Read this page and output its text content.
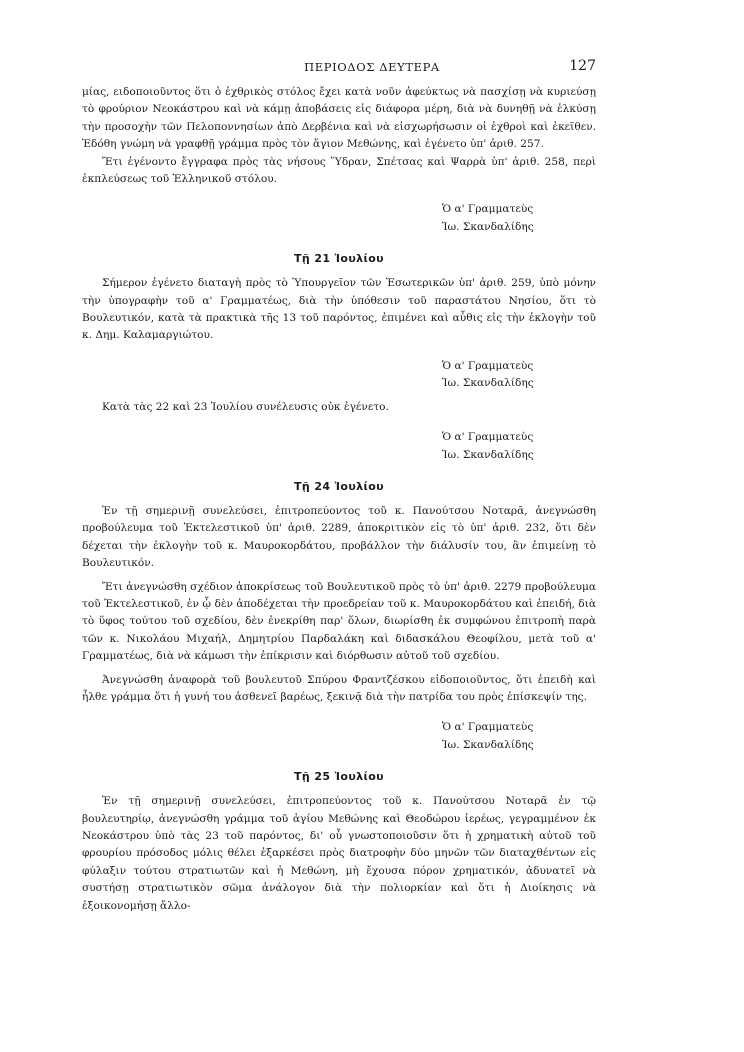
ΠΕΡΙΟΔΟΣ ΔΕΥΤΕΡΑ	127

μίας, ειδοποιοῦντος ὅτι ὁ ἐχθρικὸς στόλος ἔχει κατὰ νοῦν ἀφεύκτως νὰ πασχίσῃ νὰ κυριεύσῃ τὸ φρούριον Νεοκάστρου καὶ νὰ κάμῃ ἀποβάσεις εἰς διάφορα μέρη, διὰ νὰ δυνηθῇ νὰ ἑλκύσῃ τὴν προσοχὴν τῶν Πελοποννησίων ἀπὸ Δερβένια καὶ νὰ εἰσχωρήσωσιν οἱ ἐχθροὶ καὶ ἐκεῖθεν. Ἐδόθη γνώμη νὰ γραφθῇ γράμμα πρὸς τὸν ἅγιον Μεθώνης, καὶ ἐγένετο ὑπ' ἀριθ. 257.

Ἔτι ἐγένοντο ἔγγραφα πρὸς τὰς νήσους Ὕδραν, Σπέτσας καὶ Ψαρρὰ ὑπ' ἀριθ. 258, περὶ ἐκπλεύσεως τοῦ Ἑλληνικοῦ στόλου.

Ὁ α' Γραμματεὺς
Ἰω. Σκανδαλίδης
Τῇ 21 Ἰουλίου

Σήμερον ἐγένετο διαταγὴ πρὸς τὸ Ὑπουργεῖον τῶν Ἐσωτερικῶν ὑπ' ἀριθ. 259, ὑπὸ μόνην τὴν ὑπογραφὴν τοῦ α' Γραμματέως, διὰ τὴν ὑπόθεσιν τοῦ παραστάτου Νησίου, ὅτι τὸ Βουλευτικόν, κατὰ τὰ πρακτικὰ τῆς 13 τοῦ παρόντος, ἐπιμένει καὶ αὖθις εἰς τὴν ἐκλογὴν τοῦ κ. Δημ. Καλαμαργιώτου.

Ὁ α' Γραμματεὺς
Ἰω. Σκανδαλίδης

Κατὰ τὰς 22 καὶ 23 Ἰουλίου συνέλευσις οὐκ ἐγένετο.

Ὁ α' Γραμματεὺς
Ἰω. Σκανδαλίδης
Τῇ 24 Ἰουλίου

Ἐν τῇ σημερινῇ συνελεύσει, ἐπιτροπεύοντος τοῦ κ. Πανούτσου Νοταρᾶ, ἀνεγνώσθη προβούλευμα τοῦ Ἐκτελεστικοῦ ὑπ' ἀριθ. 2289, ἀποκριτικὸν εἰς τὸ ὑπ' ἀριθ. 232, ὅτι δὲν δέχεται τὴν ἐκλογὴν τοῦ κ. Μαυροκορδάτου, προβάλλον τὴν διάλυσίν του, ἂν ἐπιμείνῃ τὸ Βουλευτικόν.

Ἔτι ἀνεγνώσθη σχέδιον ἀποκρίσεως τοῦ Βουλευτικοῦ πρὸς τὸ ὑπ' ἀριθ. 2279 προβούλευμα τοῦ Ἐκτελεστικοῦ, ἐν ᾧ δὲν ἀποδέχεται τὴν προεδρείαν τοῦ κ. Μαυροκορδάτου καὶ ἐπειδή, διὰ τὸ ὕφος τούτου τοῦ σχεδίου, δὲν ἐνεκρίθη παρ' ὅλων, διωρίσθη ἐκ συμφώνου ἐπιτροπὴ παρὰ τῶν κ. Νικολάου Μιχαήλ, Δημητρίου Παρδαλάκη καὶ διδασκάλου Θεοφίλου, μετὰ τοῦ α' Γραμματέως, διὰ νὰ κάμωσι τὴν ἐπίκρισιν καὶ διόρθωσιν αὐτοῦ τοῦ σχεδίου.

Ἀνεγνώσθη ἀναφορὰ τοῦ βουλευτοῦ Σπύρου Φραντζέσκου εἰδοποιοῦντος, ὅτι ἐπειδὴ καὶ ἦλθε γράμμα ὅτι ἡ γυνή του ἀσθενεῖ βαρέως, ξεκινᾷ διὰ τὴν πατρίδα του πρὸς ἐπίσκεψίν της.

Ὁ α' Γραμματεὺς
Ἰω. Σκανδαλίδης
Τῇ 25 Ἰουλίου

Ἐν τῇ σημερινῇ συνελεύσει, ἐπιτροπεύοντος τοῦ κ. Πανούτσου Νοταρᾶ ἐν τῷ βουλευτηρίῳ, ἀνεγνώσθη γράμμα τοῦ ἁγίου Μεθώνης καὶ Θεοδώρου ἱερέως, γεγραμμένον ἐκ Νεοκάστρου ὑπὸ τὰς 23 τοῦ παρόντος, δι' οὗ γνωστοποιοῦσιν ὅτι ἡ χρηματικὴ αὐτοῦ τοῦ φρουρίου πρόσοδος μόλις θέλει ἐξαρκέσει πρὸς διατροφὴν δύο μηνῶν τῶν διαταχθέντων εἰς φύλαξιν τούτου στρατιωτῶν καὶ ἡ Μεθώνη, μὴ ἔχουσα πόρον χρηματικόν, ἀδυνατεῖ νὰ συστήσῃ στρατιωτικὸν σῶμα ἀνάλογον διὰ τὴν πολιορκίαν καὶ ὅτι ἡ Διοίκησις νὰ ἐξοικονομήσῃ ἄλλο-
